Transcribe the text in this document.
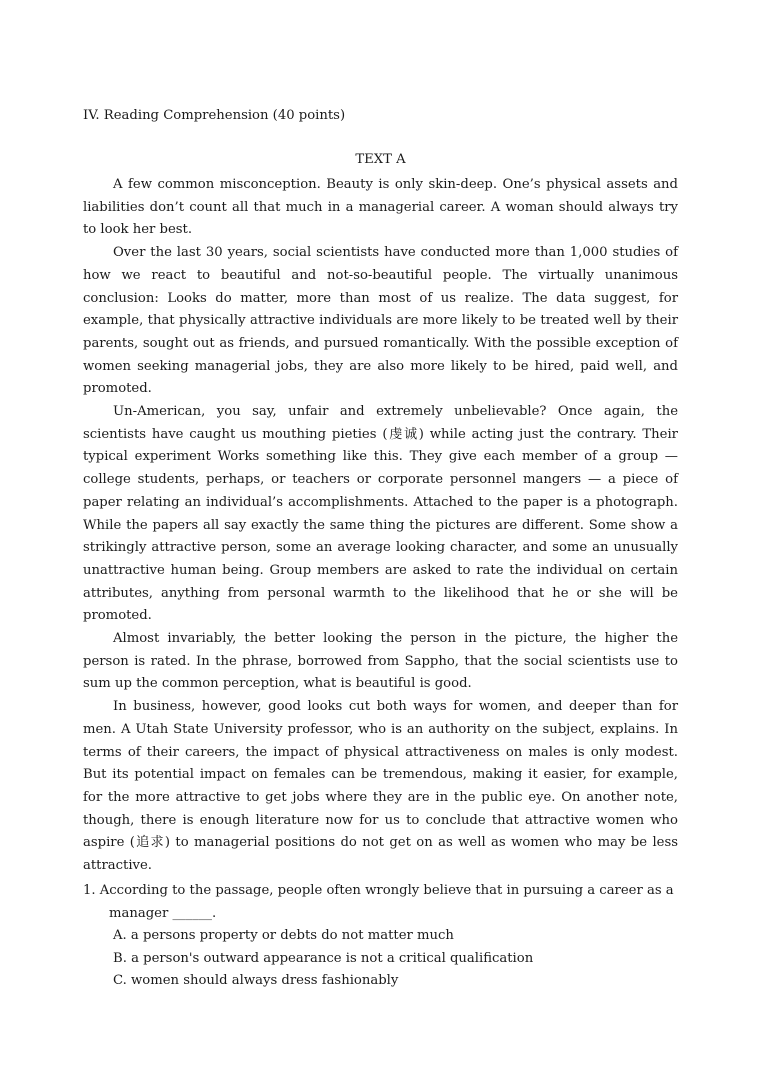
IV. Reading Comprehension (40 points)
TEXT A

A few common misconception. Beauty is only skin-deep. One’s physical assets and liabilities don’t count all that much in a managerial career. A woman should always try to look her best.

Over the last 30 years, social scientists have conducted more than 1,000 studies of how we react to beautiful and not-so-beautiful people. The virtually unanimous conclusion: Looks do matter, more than most of us realize. The data suggest, for example, that physically attractive individuals are more likely to be treated well by their parents, sought out as friends, and pursued romantically. With the possible exception of women seeking managerial jobs, they are also more likely to be hired, paid well, and promoted.

Un-American, you say, unfair and extremely unbelievable? Once again, the scientists have caught us mouthing pieties (虔诚) while acting just the contrary. Their typical experiment Works something like this. They give each member of a group — college students, perhaps, or teachers or corporate personnel mangers — a piece of paper relating an individual’s accomplishments. Attached to the paper is a photograph. While the papers all say exactly the same thing the pictures are different. Some show a strikingly attractive person, some an average looking character, and some an unusually unattractive human being. Group members are asked to rate the individual on certain attributes, anything from personal warmth to the likelihood that he or she will be promoted.

Almost invariably, the better looking the person in the picture, the higher the person is rated. In the phrase, borrowed from Sappho, that the social scientists use to sum up the common perception, what is beautiful is good.

In business, however, good looks cut both ways for women, and deeper than for men. A Utah State University professor, who is an authority on the subject, explains. In terms of their careers, the impact of physical attractiveness on males is only modest. But its potential impact on females can be tremendous, making it easier, for example, for the more attractive to get jobs where they are in the public eye. On another note, though, there is enough literature now for us to conclude that attractive women who aspire (追求) to managerial positions do not get on as well as women who may be less attractive.

1. According to the passage, people often wrongly believe that in pursuing a career as a manager ______.

A. a persons property or debts do not matter much
B. a person's outward appearance is not a critical qualification
C. women should always dress fashionably
